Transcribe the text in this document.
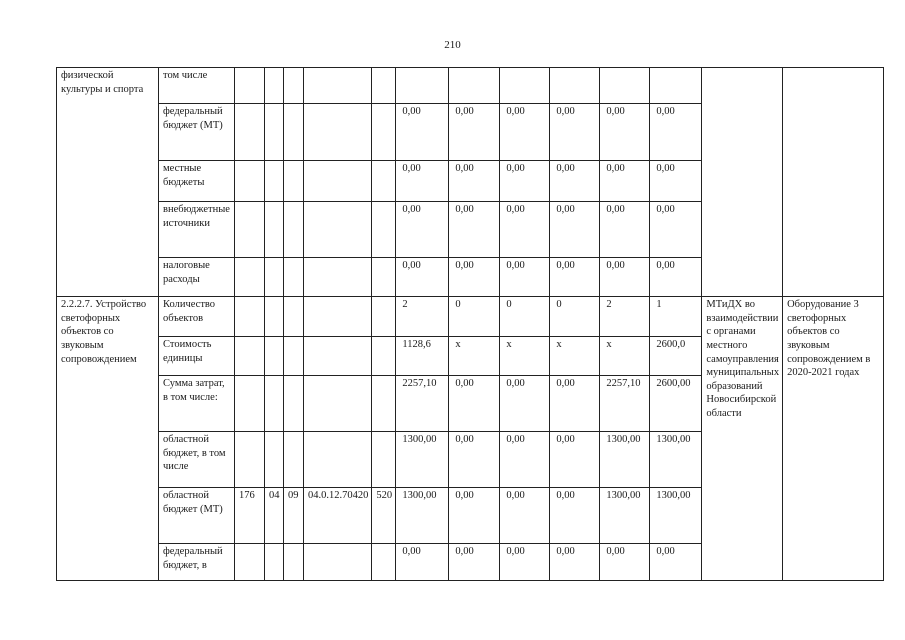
210
физической культуры и спорта	том числе													
	федеральный бюджет (МТ)						0,00	0,00	0,00	0,00	0,00	0,00		
	местные бюджеты						0,00	0,00	0,00	0,00	0,00	0,00		
	внебюджетные источники						0,00	0,00	0,00	0,00	0,00	0,00		
	налоговые расходы						0,00	0,00	0,00	0,00	0,00	0,00		
2.2.2.7. Устройство светофорных объектов со звуковым сопровождением	Количество объектов						2	0	0	0	2	1	МТиДХ во взаимодействии с органами местного самоуправления муниципальных образований Новосибирской области	Оборудование 3 светофорных объектов со звуковым сопровождением в 2020-2021 годах
	Стоимость единицы						1128,6	x	x	x	x	2600,0		
	Сумма затрат, в том числе:						2257,10	0,00	0,00	0,00	2257,10	2600,00		
	областной бюджет, в том числе						1300,00	0,00	0,00	0,00	1300,00	1300,00		
	областной бюджет (МТ)	176	04	09	04.0.12.70420	520	1300,00	0,00	0,00	0,00	1300,00	1300,00		
	федеральный бюджет, в						0,00	0,00	0,00	0,00	0,00	0,00		
